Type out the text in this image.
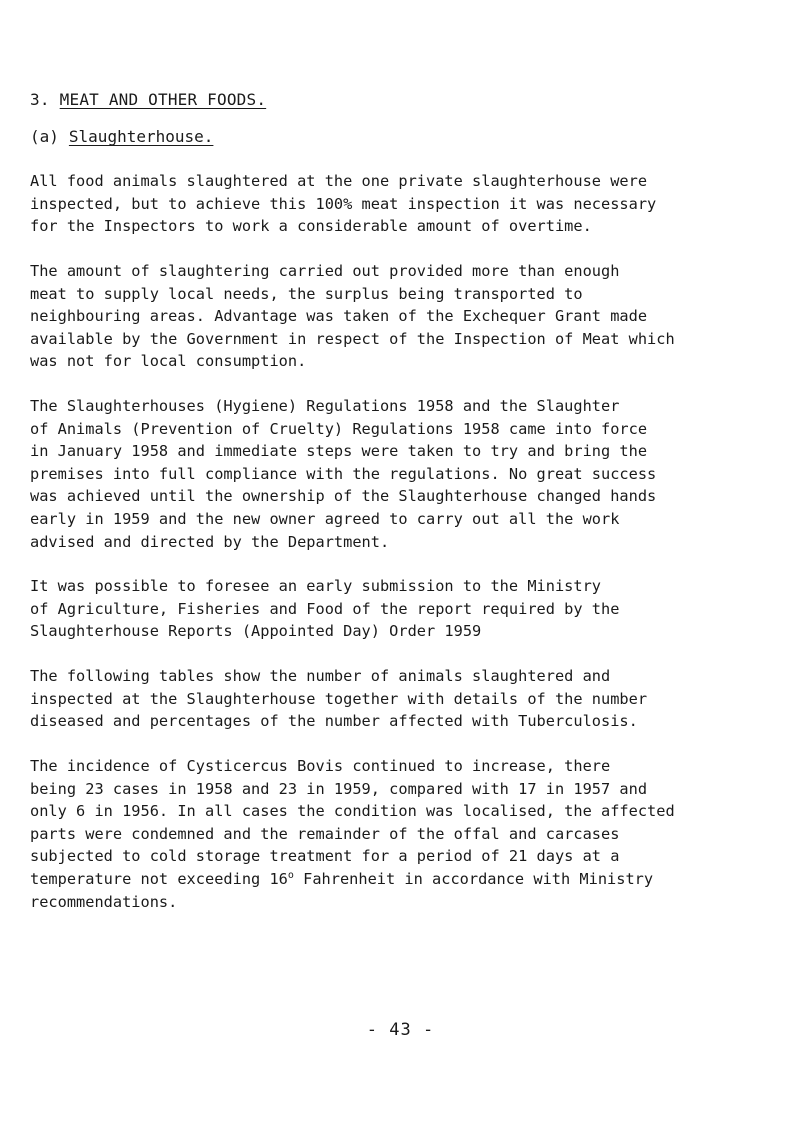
3. MEAT AND OTHER FOODS.
(a) Slaughterhouse.

All food animals slaughtered at the one private slaughterhouse were
inspected, but to achieve this 100% meat inspection it was necessary
for the Inspectors to work a considerable amount of overtime.

The amount of slaughtering carried out provided more than enough
meat to supply local needs, the surplus being transported to
neighbouring areas. Advantage was taken of the Exchequer Grant made
available by the Government in respect of the Inspection of Meat which
was not for local consumption.

The Slaughterhouses (Hygiene) Regulations 1958 and the Slaughter
of Animals (Prevention of Cruelty) Regulations 1958 came into force
in January 1958 and immediate steps were taken to try and bring the
premises into full compliance with the regulations. No great success
was achieved until the ownership of the Slaughterhouse changed hands
early in 1959 and the new owner agreed to carry out all the work
advised and directed by the Department.

It was possible to foresee an early submission to the Ministry
of Agriculture, Fisheries and Food of the report required by the
Slaughterhouse Reports (Appointed Day) Order 1959

The following tables show the number of animals slaughtered and
inspected at the Slaughterhouse together with details of the number
diseased and percentages of the number affected with Tuberculosis.

The incidence of Cysticercus Bovis continued to increase, there
being 23 cases in 1958 and 23 in 1959, compared with 17 in 1957 and
only 6 in 1956. In all cases the condition was localised, the affected
parts were condemned and the remainder of the offal and carcases
subjected to cold storage treatment for a period of 21 days at a
temperature not exceeding 16$^o$ Fahrenheit in accordance with Ministry
recommendations.

- 43 -
